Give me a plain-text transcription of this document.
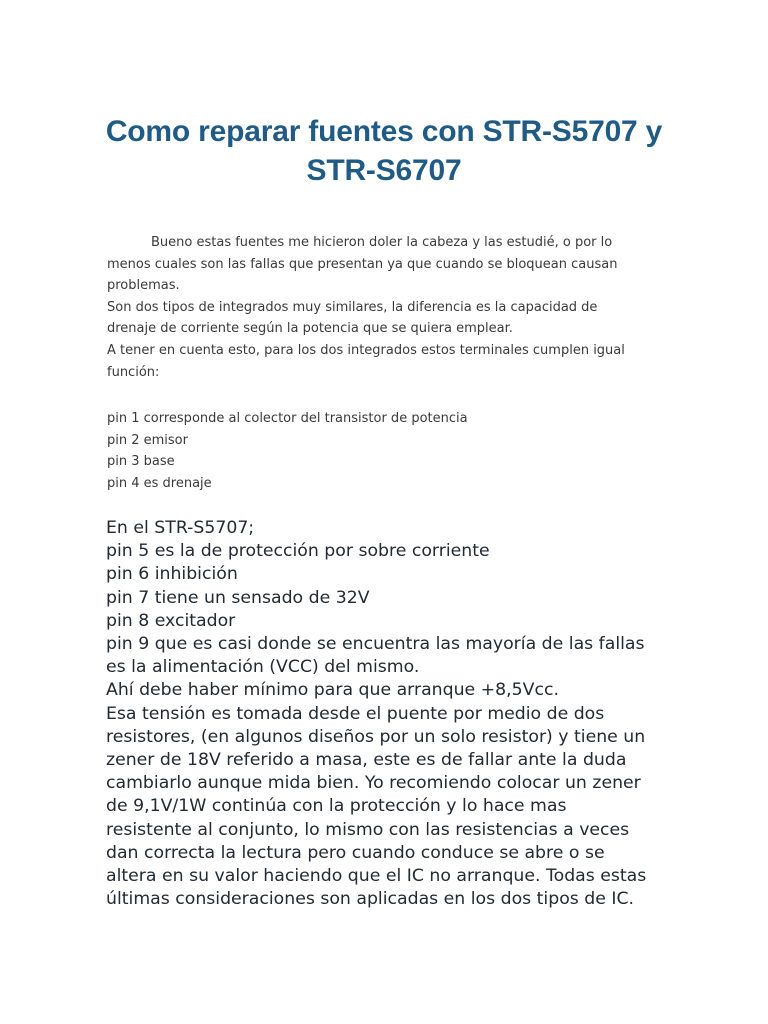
Como reparar fuentes con STR-S5707 y
STR-S6707

Bueno estas fuentes me hicieron doler la cabeza y las estudié, o por lo

menos cuales son las fallas que presentan ya que cuando se bloquean causan

problemas.

Son dos tipos de integrados muy similares, la diferencia es la capacidad de

drenaje de corriente según la potencia que se quiera emplear.

A tener en cuenta esto, para los dos integrados estos terminales cumplen igual

función:

pin 1 corresponde al colector del transistor de potencia

pin 2 emisor

pin 3 base

pin 4 es drenaje

En el STR-S5707;

pin 5 es la de protección por sobre corriente

pin 6 inhibición

pin 7 tiene un sensado de 32V

pin 8 excitador

pin 9 que es casi donde se encuentra las mayoría de las fallas

es la alimentación (VCC) del mismo.

Ahí debe haber mínimo para que arranque +8,5Vcc.

Esa tensión es tomada desde el puente por medio de dos

resistores, (en algunos diseños por un solo resistor) y tiene un

zener de 18V referido a masa, este es de fallar ante la duda

cambiarlo aunque mida bien. Yo recomiendo colocar un zener

de 9,1V/1W continúa con la protección y lo hace mas

resistente al conjunto, lo mismo con las resistencias a veces

dan correcta la lectura pero cuando conduce se abre o se

altera en su valor haciendo que el IC no arranque. Todas estas

últimas consideraciones son aplicadas en los dos tipos de IC.
